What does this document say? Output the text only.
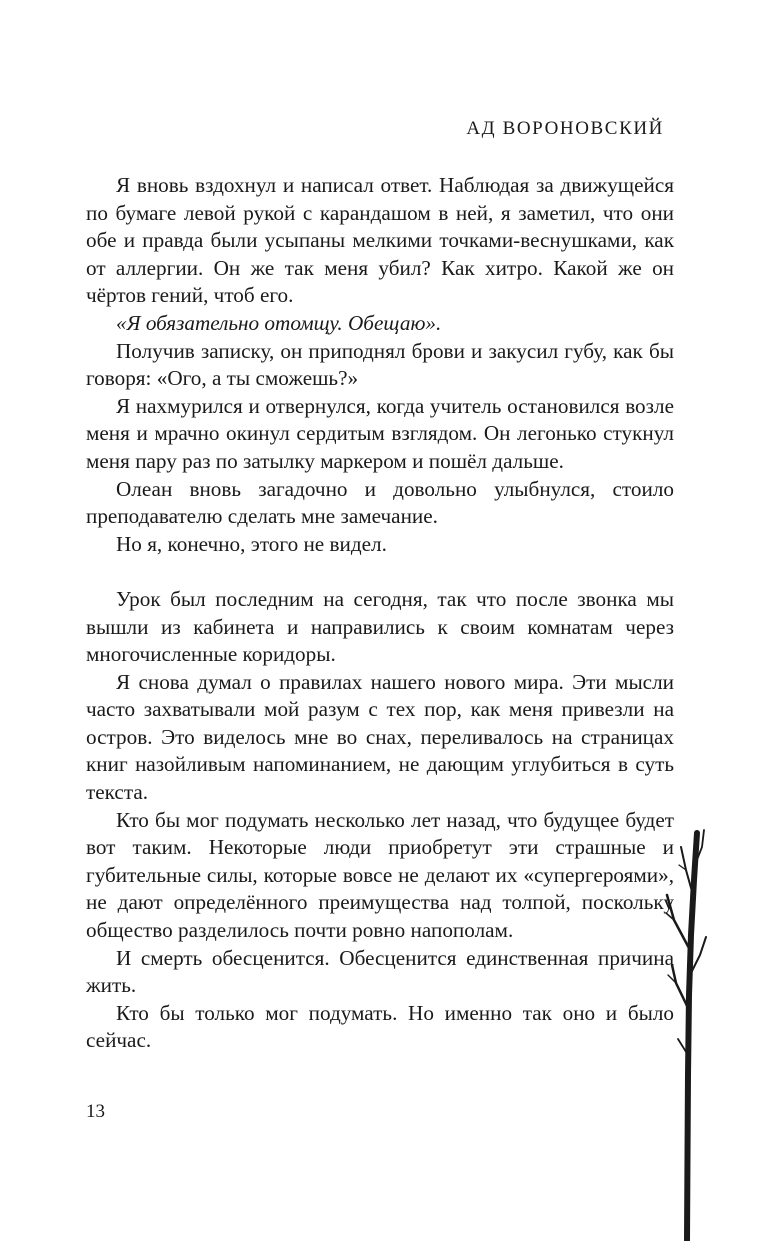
АД ВОРОНОВСКИЙ

Я вновь вздохнул и написал ответ. Наблюдая за движущейся по бумаге левой рукой с карандашом в ней, я заметил, что они обе и правда были усыпаны мелкими точками-веснушками, как от аллергии. Он же так меня убил? Как хитро. Какой же он чёртов гений, чтоб его.

«Я обязательно отомщу. Обещаю».

Получив записку, он приподнял брови и закусил губу, как бы говоря: «Ого, а ты сможешь?»

Я нахмурился и отвернулся, когда учитель остановился возле меня и мрачно окинул сердитым взглядом. Он легонько стукнул меня пару раз по затылку маркером и пошёл дальше.

Олеан вновь загадочно и довольно улыбнулся, стоило преподавателю сделать мне замечание.

Но я, конечно, этого не видел.

Урок был последним на сегодня, так что после звонка мы вышли из кабинета и направились к своим комнатам через многочисленные коридоры.

Я снова думал о правилах нашего нового мира. Эти мысли часто захватывали мой разум с тех пор, как меня привезли на остров. Это виделось мне во снах, переливалось на страницах книг назойливым напоминанием, не дающим углубиться в суть текста.

Кто бы мог подумать несколько лет назад, что будущее будет вот таким. Некоторые люди приобретут эти страшные и губительные силы, которые вовсе не делают их «супергероями», не дают определённого преимущества над толпой, поскольку общество разделилось почти ровно напополам.

И смерть обесценится. Обесценится единственная причина жить.

Кто бы только мог подумать. Но именно так оно и было сейчас.

13
